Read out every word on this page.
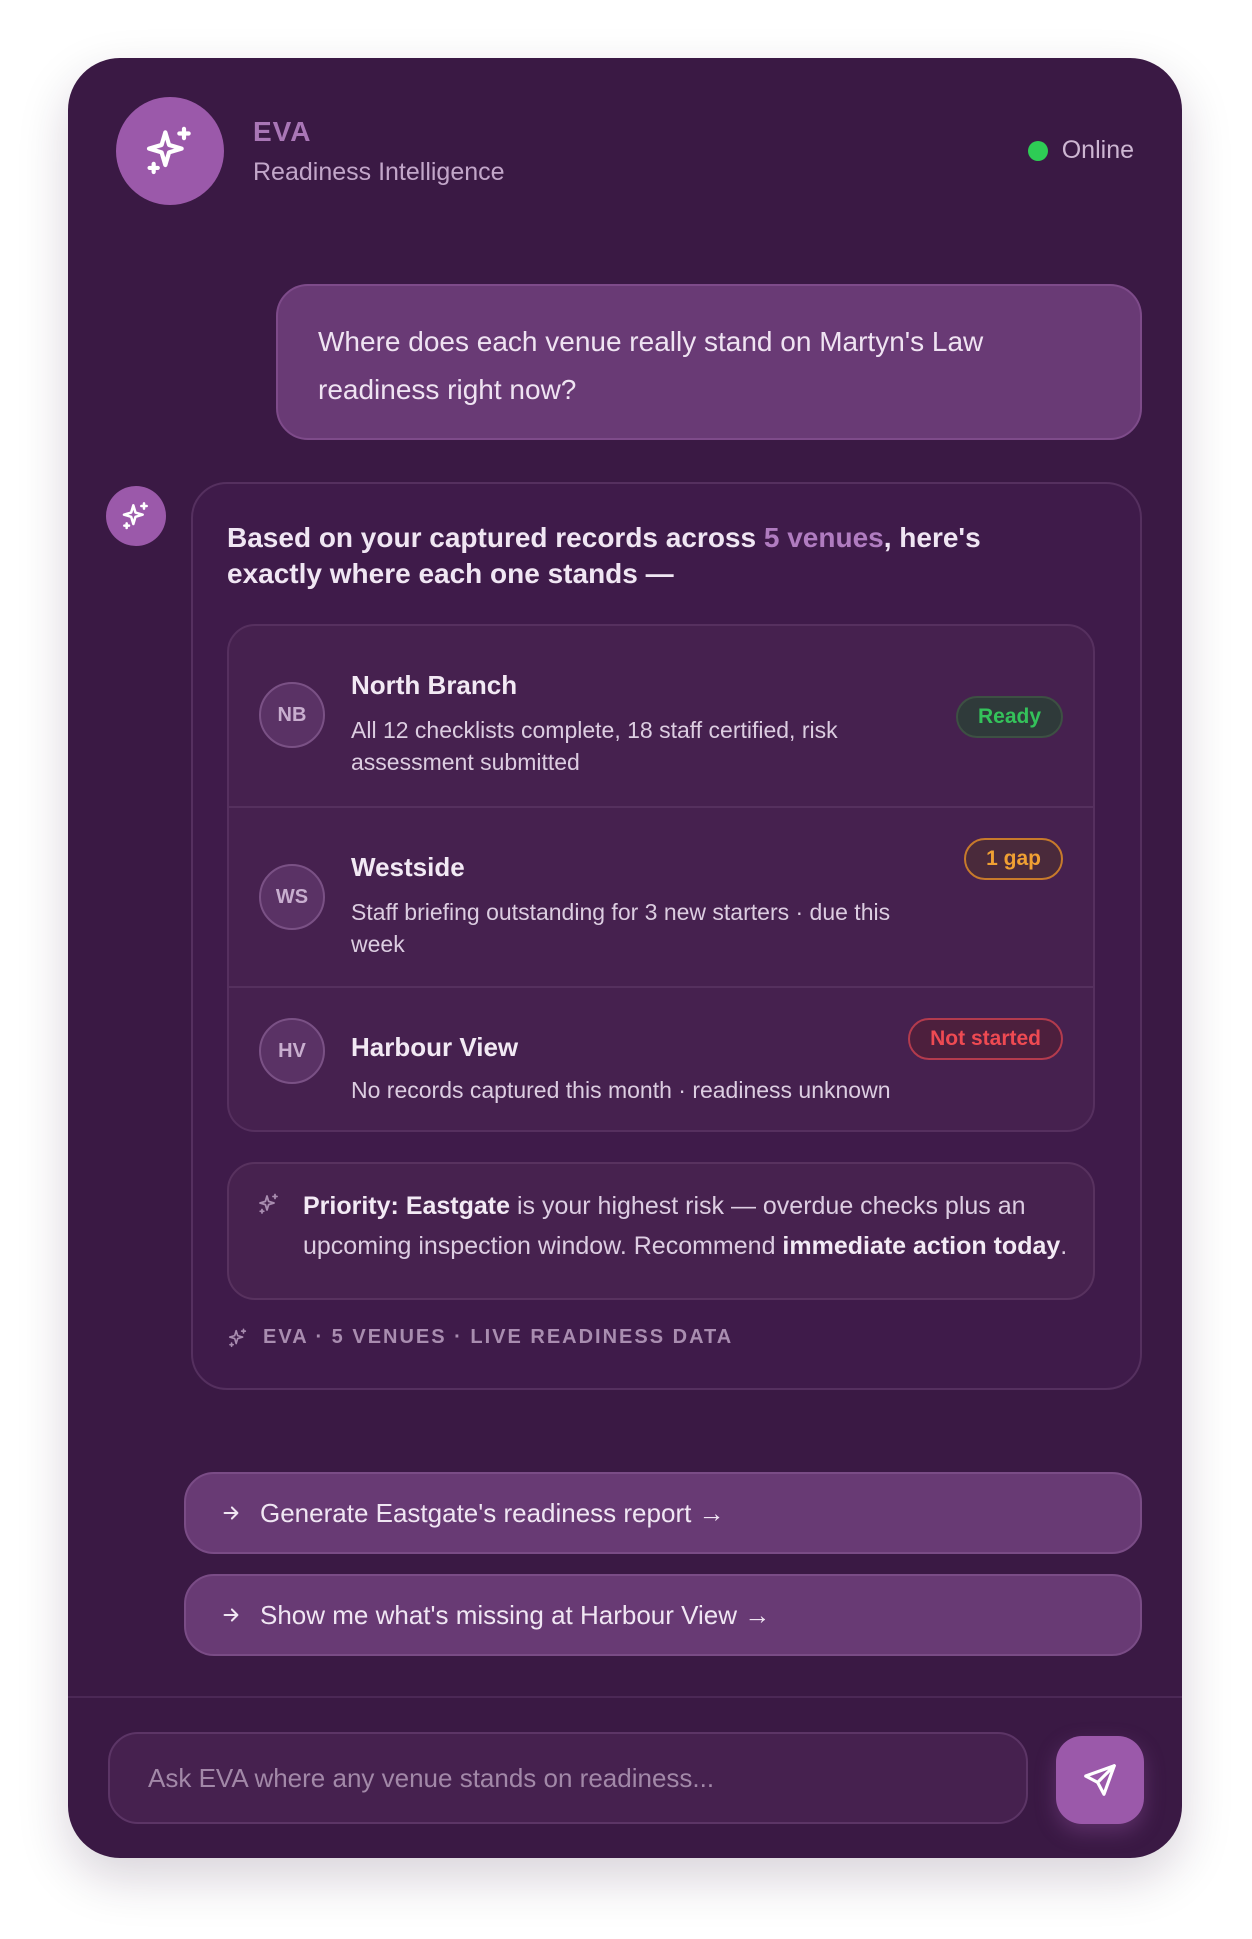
EVA
Readiness Intelligence
Online
Where does each venue really stand on Martyn's Law readiness right now?
Based on your captured records across 5 venues, here's exactly where each one stands —
NB
North Branch
All 12 checklists complete, 18 staff certified, risk assessment submitted
Ready
WS
Westside
Staff briefing outstanding for 3 new starters · due this week
1 gap
HV	Harbour View
No records captured this month · readiness unknown
Not started
Priority: Eastgate is your highest risk — overdue checks plus an upcoming inspection window. Recommend immediate action today.
EVA · 5 VENUES · LIVE READINESS DATA
Generate Eastgate's readiness report →
Show me what's missing at Harbour View →
Ask EVA where any venue stands on readiness...
